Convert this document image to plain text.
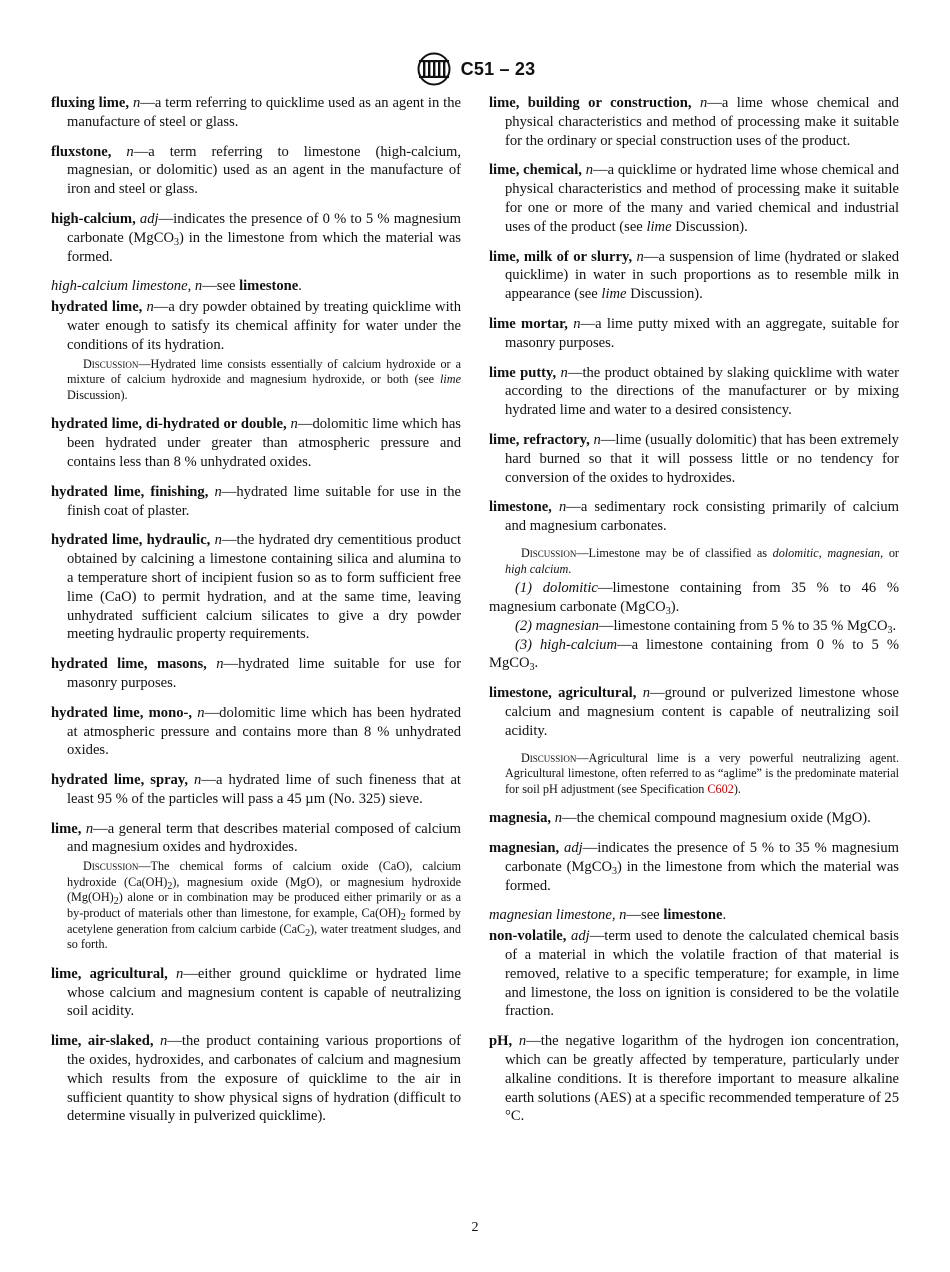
C51 – 23

fluxing lime, n—a term referring to quicklime used as an agent in the manufacture of steel or glass.

fluxstone, n—a term referring to limestone (high-calcium, magnesian, or dolomitic) used as an agent in the manufacture of iron and steel or glass.

high-calcium, adj—indicates the presence of 0 % to 5 % magnesium carbonate (MgCO$_3$) in the limestone from which the material was formed.

high-calcium limestone, n—see limestone.

hydrated lime, n—a dry powder obtained by treating quicklime with water enough to satisfy its chemical affinity for water under the conditions of its hydration.

Discussion—Hydrated lime consists essentially of calcium hydroxide or a mixture of calcium hydroxide and magnesium hydroxide, or both (see lime Discussion).

hydrated lime, di-hydrated or double, n—dolomitic lime which has been hydrated under greater than atmospheric pressure and contains less than 8 % unhydrated oxides.

hydrated lime, finishing, n—hydrated lime suitable for use in the finish coat of plaster.

hydrated lime, hydraulic, n—the hydrated dry cementitious product obtained by calcining a limestone containing silica and alumina to a temperature short of incipient fusion so as to form sufficient free lime (CaO) to permit hydration, and at the same time, leaving unhydrated sufficient calcium silicates to give a dry powder meeting hydraulic property requirements.

hydrated lime, masons, n—hydrated lime suitable for use for masonry purposes.

hydrated lime, mono-, n—dolomitic lime which has been hydrated at atmospheric pressure and contains more than 8 % unhydrated oxides.

hydrated lime, spray, n—a hydrated lime of such fineness that at least 95 % of the particles will pass a 45 µm (No. 325) sieve.

lime, n—a general term that describes material composed of calcium and magnesium oxides and hydroxides.

Discussion—The chemical forms of calcium oxide (CaO), calcium hydroxide $(Ca(OH)_2)$, magnesium oxide (MgO), or magnesium hydroxide $(Mg(OH)_2)$ alone or in combination may be produced either primarily or as a by-product of materials other than limestone, for example, $Ca(OH)_2$ formed by acetylene generation from calcium carbide (CaC$_2$), water treatment sludges, and so forth.

lime, agricultural, n—either ground quicklime or hydrated lime whose calcium and magnesium content is capable of neutralizing soil acidity.

lime, air-slaked, n—the product containing various proportions of the oxides, hydroxides, and carbonates of calcium and magnesium which results from the exposure of quicklime to the air in sufficient quantity to show physical signs of hydration (difficult to determine visually in pulverized quicklime).

lime, building or construction, n—a lime whose chemical and physical characteristics and method of processing make it suitable for the ordinary or special construction uses of the product.

lime, chemical, n—a quicklime or hydrated lime whose chemical and physical characteristics and method of processing make it suitable for one or more of the many and varied chemical and industrial uses of the product (see lime Discussion).

lime, milk of or slurry, n—a suspension of lime (hydrated or slaked quicklime) in water in such proportions as to resemble milk in appearance (see lime Discussion).

lime mortar, n—a lime putty mixed with an aggregate, suitable for masonry purposes.

lime putty, n—the product obtained by slaking quicklime with water according to the directions of the manufacturer or by mixing hydrated lime and water to a desired consistency.

lime, refractory, n—lime (usually dolomitic) that has been extremely hard burned so that it will possess little or no tendency for conversion of the oxides to hydroxides.

limestone, n—a sedimentary rock consisting primarily of calcium and magnesium carbonates.

Discussion—Limestone may be of classified as dolomitic, magnesian, or high calcium.

(1) dolomitic—limestone containing from 35 % to 46 % magnesium carbonate (MgCO$_3$).

(2) magnesian—limestone containing from 5 % to 35 % MgCO$_3$.

(3) high-calcium—a limestone containing from 0 % to 5 % MgCO$_3$.

limestone, agricultural, n—ground or pulverized limestone whose calcium and magnesium content is capable of neutralizing soil acidity.

Discussion—Agricultural lime is a very powerful neutralizing agent. Agricultural limestone, often referred to as “aglime” is the predominate material for soil pH adjustment (see Specification C602).

magnesia, n—the chemical compound magnesium oxide (MgO).

magnesian, adj—indicates the presence of 5 % to 35 % magnesium carbonate (MgCO$_3$) in the limestone from which the material was formed.

magnesian limestone, n—see limestone.

non-volatile, adj—term used to denote the calculated chemical basis of a material in which the volatile fraction of that material is removed, relative to a specific temperature; for example, in lime and limestone, the loss on ignition is considered to be the volatile fraction.

pH, n—the negative logarithm of the hydrogen ion concentration, which can be greatly affected by temperature, particularly under alkaline conditions. It is therefore important to measure alkaline earth solutions (AES) at a specific recommended temperature of 25 °C.

2
